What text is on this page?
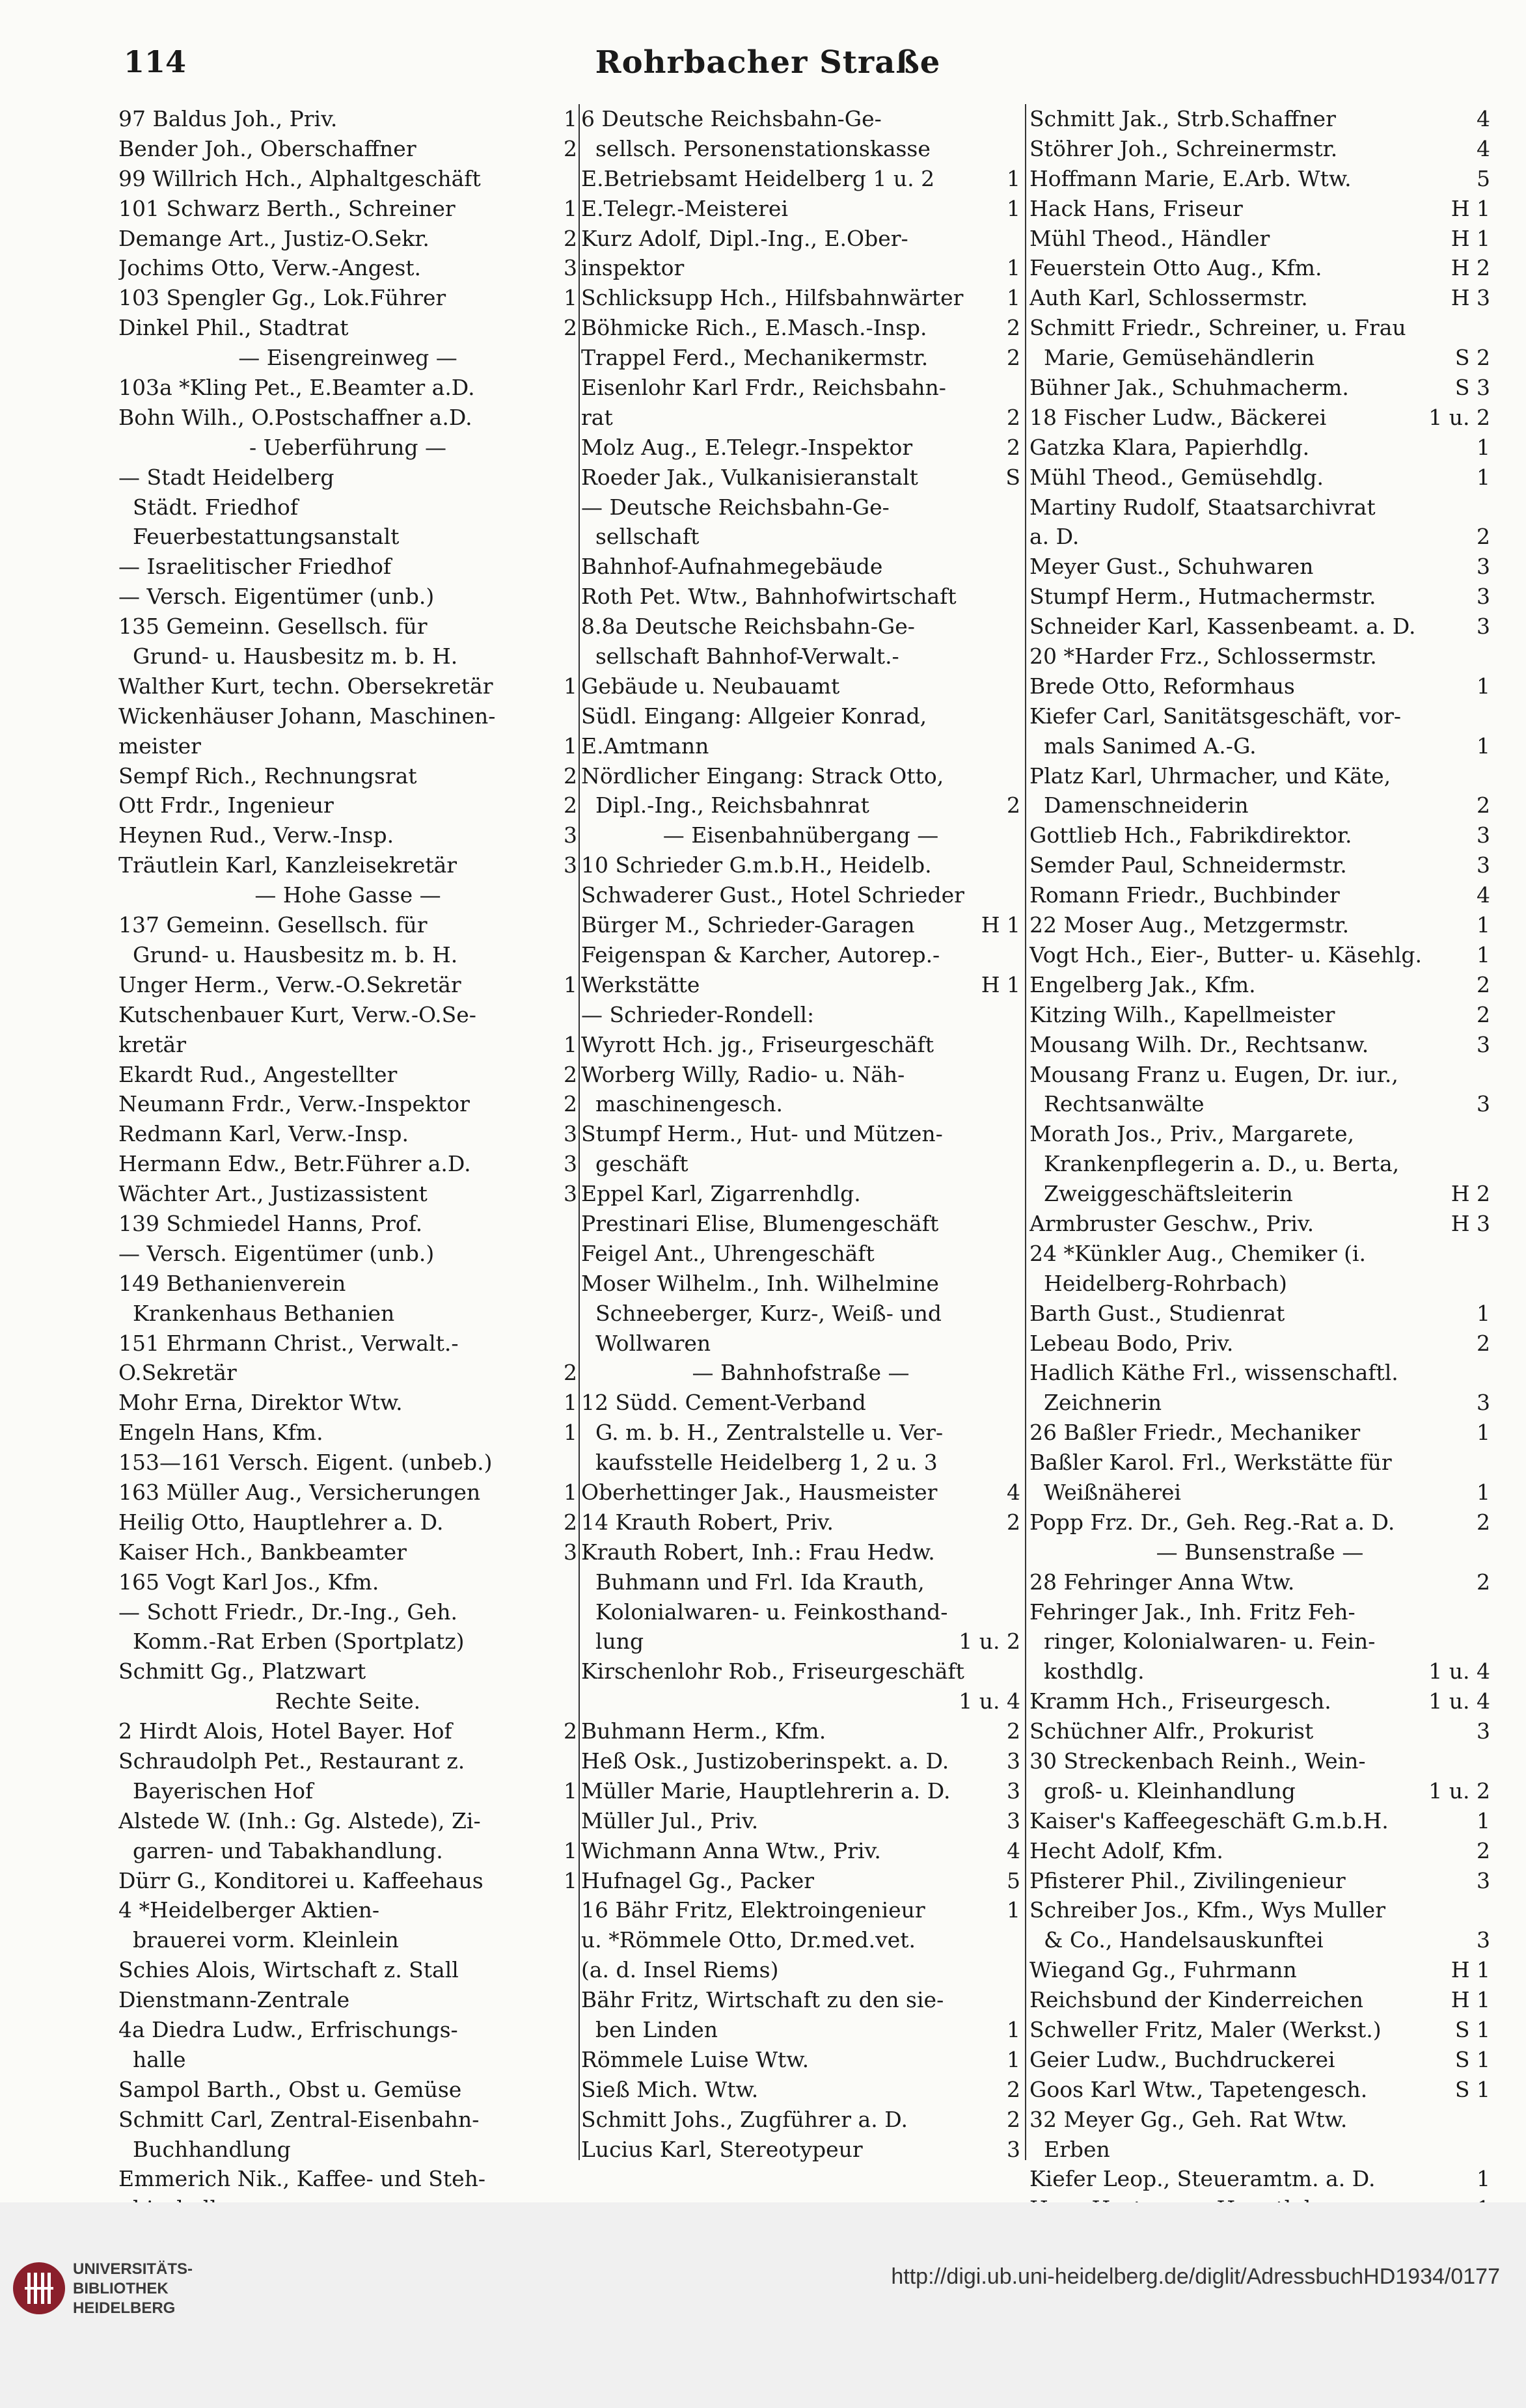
114	Rohrbacher Straße
97 Baldus Joh., Priv.	1
Bender Joh., Oberschaffner	2
99 Willrich Hch., Alphaltgeschäft
101 Schwarz Berth., Schreiner	1
Demange Art., Justiz-O.Sekr.	2
Jochims Otto, Verw.-Angest.	3
103 Spengler Gg., Lok.Führer	1
Dinkel Phil., Stadtrat	2
— Eisengreinweg —
103a *Kling Pet., E.Beamter a.D.
Bohn Wilh., O.Postschaffner a.D.
- Ueberführung —
— Stadt Heidelberg
Städt. Friedhof
Feuerbestattungsanstalt
— Israelitischer Friedhof
— Versch. Eigentümer (unb.)
135 Gemeinn. Gesellsch. für
Grund- u. Hausbesitz m. b. H.
Walther Kurt, techn. Obersekretär	1
Wickenhäuser Johann, Maschinen-
meister	1
Sempf Rich., Rechnungsrat	2
Ott Frdr., Ingenieur	2
Heynen Rud., Verw.-Insp.	3
Träutlein Karl, Kanzleisekretär	3
— Hohe Gasse —
137 Gemeinn. Gesellsch. für
Grund- u. Hausbesitz m. b. H.
Unger Herm., Verw.-O.Sekretär	1
Kutschenbauer Kurt, Verw.-O.Se-
kretär	1
Ekardt Rud., Angestellter	2
Neumann Frdr., Verw.-Inspektor	2
Redmann Karl, Verw.-Insp.	3
Hermann Edw., Betr.Führer a.D.	3
Wächter Art., Justizassistent	3
139 Schmiedel Hanns, Prof.
— Versch. Eigentümer (unb.)
149 Bethanienverein
Krankenhaus Bethanien
151 Ehrmann Christ., Verwalt.-
O.Sekretär	2
Mohr Erna, Direktor Wtw.	1
Engeln Hans, Kfm.	1
153—161 Versch. Eigent. (unbeb.)
163 Müller Aug., Versicherungen	1
Heilig Otto, Hauptlehrer a. D.	2
Kaiser Hch., Bankbeamter	3
165 Vogt Karl Jos., Kfm.
— Schott Friedr., Dr.-Ing., Geh.
Komm.-Rat Erben (Sportplatz)
Schmitt Gg., Platzwart
Rechte Seite.
2 Hirdt Alois, Hotel Bayer. Hof	2
Schraudolph Pet., Restaurant z.
Bayerischen Hof	1
Alstede W. (Inh.: Gg. Alstede), Zi-
garren- und Tabakhandlung.	1
Dürr G., Konditorei u. Kaffeehaus	1
4 *Heidelberger Aktien-
brauerei vorm. Kleinlein
Schies Alois, Wirtschaft z. Stall
Dienstmann-Zentrale
4a Diedra Ludw., Erfrischungs-
halle
Sampol Barth., Obst u. Gemüse
Schmitt Carl, Zentral-Eisenbahn-
Buchhandlung
Emmerich Nik., Kaffee- und Steh-
6 Deutsche Reichsbahn-Ge-
sellsch. Personenstationskasse
E.Betriebsamt Heidelberg 1 u. 2	1
E.Telegr.-Meisterei	1
Kurz Adolf, Dipl.-Ing., E.Ober-
inspektor	1
Schlicksupp Hch., Hilfsbahnwärter	1
Böhmicke Rich., E.Masch.-Insp.	2
Trappel Ferd., Mechanikermstr.	2
Eisenlohr Karl Frdr., Reichsbahn-
rat	2
Molz Aug., E.Telegr.-Inspektor	2
Roeder Jak., Vulkanisieranstalt	S
— Deutsche Reichsbahn-Ge-
sellschaft
Bahnhof-Aufnahmegebäude
Roth Pet. Wtw., Bahnhofwirtschaft
8.8a Deutsche Reichsbahn-Ge-
sellschaft Bahnhof-Verwalt.-
Gebäude u. Neubauamt
Südl. Eingang: Allgeier Konrad,
E.Amtmann
Nördlicher Eingang: Strack Otto,
Dipl.-Ing., Reichsbahnrat	2
— Eisenbahnübergang —
10 Schrieder G.m.b.H., Heidelb.
Schwaderer Gust., Hotel Schrieder
Bürger M., Schrieder-Garagen	H 1
Feigenspan & Karcher, Autorep.-
Werkstätte	H 1
— Schrieder-Rondell:
Wyrott Hch. jg., Friseurgeschäft
Worberg Willy, Radio- u. Näh-
maschinengesch.
Stumpf Herm., Hut- und Mützen-
geschäft
Eppel Karl, Zigarrenhdlg.
Prestinari Elise, Blumengeschäft
Feigel Ant., Uhrengeschäft
Moser Wilhelm., Inh. Wilhelmine
Schneeberger, Kurz-, Weiß- und
Wollwaren
— Bahnhofstraße —
12 Südd. Cement-Verband
G. m. b. H., Zentralstelle u. Ver-
kaufsstelle Heidelberg 1, 2 u. 3
Oberhettinger Jak., Hausmeister	4
14 Krauth Robert, Priv.	2
Krauth Robert, Inh.: Frau Hedw.
Buhmann und Frl. Ida Krauth,
Kolonialwaren- u. Feinkosthand-
lung	1 u. 2
Kirschenlohr Rob., Friseurgeschäft
1 u. 4
Buhmann Herm., Kfm.	2
Heß Osk., Justizoberinspekt. a. D.	3
Müller Marie, Hauptlehrerin a. D.	3
Müller Jul., Priv.	3
Wichmann Anna Wtw., Priv.	4
Hufnagel Gg., Packer	5
16 Bähr Fritz, Elektroingenieur	1
u. *Römmele Otto, Dr.med.vet.
(a. d. Insel Riems)
Bähr Fritz, Wirtschaft zu den sie-
ben Linden	1
Römmele Luise Wtw.	1
Sieß Mich. Wtw.	2
Schmitt Johs., Zugführer a. D.	2
Lucius Karl, Stereotypeur	3
Schmitt Jak., Strb.Schaffner	4
Stöhrer Joh., Schreinermstr.	4
Hoffmann Marie, E.Arb. Wtw.	5
Hack Hans, Friseur	H 1
Mühl Theod., Händler	H 1
Feuerstein Otto Aug., Kfm.	H 2
Auth Karl, Schlossermstr.	H 3
Schmitt Friedr., Schreiner, u. Frau
Marie, Gemüsehändlerin	S 2
Bühner Jak., Schuhmacherm.	S 3
18 Fischer Ludw., Bäckerei	1 u. 2
Gatzka Klara, Papierhdlg.	1
Mühl Theod., Gemüsehdlg.	1
Martiny Rudolf, Staatsarchivrat
a. D.	2
Meyer Gust., Schuhwaren	3
Stumpf Herm., Hutmachermstr.	3
Schneider Karl, Kassenbeamt. a. D.	3
20 *Harder Frz., Schlossermstr.
Brede Otto, Reformhaus	1
Kiefer Carl, Sanitätsgeschäft, vor-
mals Sanimed A.-G.	1
Platz Karl, Uhrmacher, und Käte,
Damenschneiderin	2
Gottlieb Hch., Fabrikdirektor.	3
Semder Paul, Schneidermstr.	3
Romann Friedr., Buchbinder	4
22 Moser Aug., Metzgermstr.	1
Vogt Hch., Eier-, Butter- u. Käsehlg.	1
Engelberg Jak., Kfm.	2
Kitzing Wilh., Kapellmeister	2
Mousang Wilh. Dr., Rechtsanw.	3
Mousang Franz u. Eugen, Dr. iur.,
Rechtsanwälte	3
Morath Jos., Priv., Margarete,
Krankenpflegerin a. D., u. Berta,
Zweiggeschäftsleiterin	H 2
Armbruster Geschw., Priv.	H 3
24 *Künkler Aug., Chemiker (i.
Heidelberg-Rohrbach)
Barth Gust., Studienrat	1
Lebeau Bodo, Priv.	2
Hadlich Käthe Frl., wissenschaftl.
Zeichnerin	3
26 Baßler Friedr., Mechaniker	1
Baßler Karol. Frl., Werkstätte für
Weißnäherei	1
Popp Frz. Dr., Geh. Reg.-Rat a. D.	2
— Bunsenstraße —
28 Fehringer Anna Wtw.	2
Fehringer Jak., Inh. Fritz Feh-
ringer, Kolonialwaren- u. Fein-
kosthdlg.	1 u. 4
Kramm Hch., Friseurgesch.	1 u. 4
Schüchner Alfr., Prokurist	3
30 Streckenbach Reinh., Wein-
groß- u. Kleinhandlung	1 u. 2
Kaiser's Kaffeegeschäft G.m.b.H.	1
Hecht Adolf, Kfm.	2
Pfisterer Phil., Zivilingenieur	3
Schreiber Jos., Kfm., Wys Muller
& Co., Handelsauskunftei	3
Wiegand Gg., Fuhrmann	H 1
Reichsbund der Kinderreichen	H 1
Schweller Fritz, Maler (Werkst.)	S 1
Geier Ludw., Buchdruckerei	S 1
Goos Karl Wtw., Tapetengesch.	S 1
32 Meyer Gg., Geh. Rat Wtw.
Erben
Kiefer Leop., Steueramtm. a. D.	1
UNIVERSITÄTS-
BIBLIOTHEK
HEIDELBERG
http://digi.ub.uni-heidelberg.de/diglit/AdressbuchHD1934/0177
